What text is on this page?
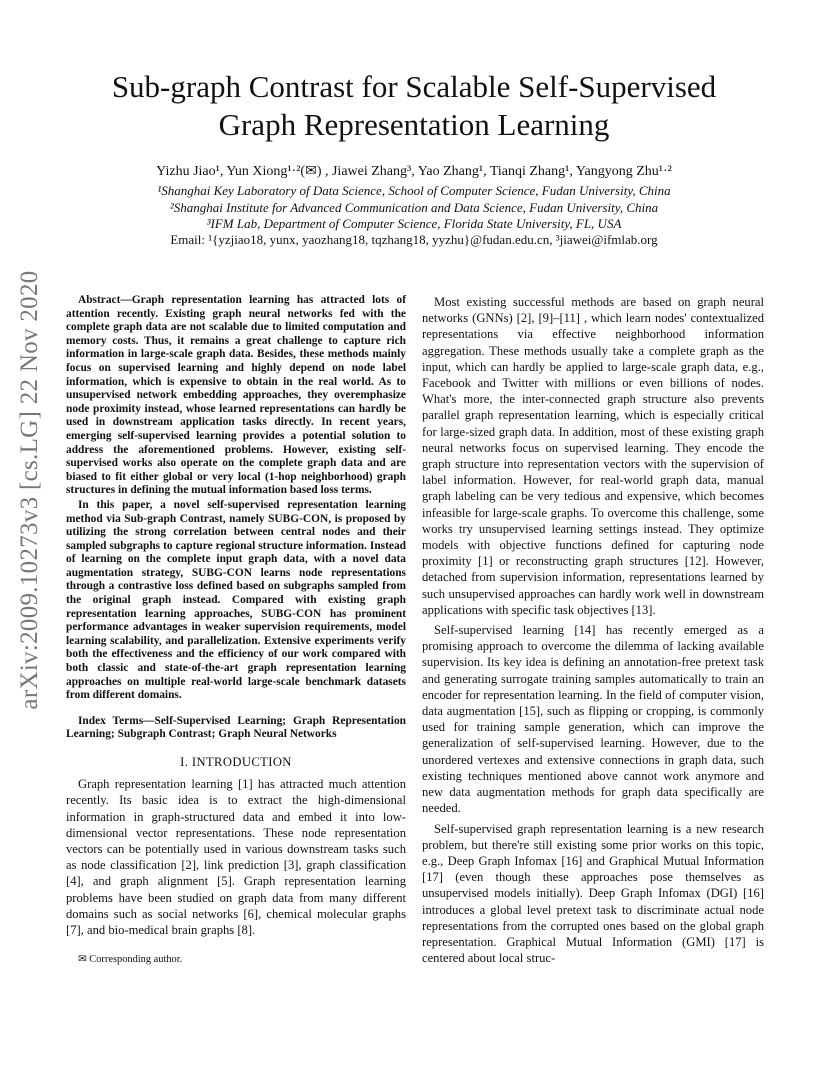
arXiv:2009.10273v3 [cs.LG] 22 Nov 2020
Sub-graph Contrast for Scalable Self-Supervised
Graph Representation Learning
Yizhu Jiao¹, Yun Xiong¹·²(✉) , Jiawei Zhang³, Yao Zhang¹, Tianqi Zhang¹, Yangyong Zhu¹·²
¹Shanghai Key Laboratory of Data Science, School of Computer Science, Fudan University, China
²Shanghai Institute for Advanced Communication and Data Science, Fudan University, China
³IFM Lab, Department of Computer Science, Florida State University, FL, USA
Email: ¹{yzjiao18, yunx, yaozhang18, tqzhang18, yyzhu}@fudan.edu.cn, ³jiawei@ifmlab.org

Abstract—Graph representation learning has attracted lots of attention recently. Existing graph neural networks fed with the complete graph data are not scalable due to limited computation and memory costs. Thus, it remains a great challenge to capture rich information in large-scale graph data. Besides, these methods mainly focus on supervised learning and highly depend on node label information, which is expensive to obtain in the real world. As to unsupervised network embedding approaches, they overemphasize node proximity instead, whose learned representations can hardly be used in downstream application tasks directly. In recent years, emerging self-supervised learning provides a potential solution to address the aforementioned problems. However, existing self-supervised works also operate on the complete graph data and are biased to fit either global or very local (1-hop neighborhood) graph structures in defining the mutual information based loss terms.

In this paper, a novel self-supervised representation learning method via Sub-graph Contrast, namely SUBG-CON, is proposed by utilizing the strong correlation between central nodes and their sampled subgraphs to capture regional structure information. Instead of learning on the complete input graph data, with a novel data augmentation strategy, SUBG-CON learns node representations through a contrastive loss defined based on subgraphs sampled from the original graph instead. Compared with existing graph representation learning approaches, SUBG-CON has prominent performance advantages in weaker supervision requirements, model learning scalability, and parallelization. Extensive experiments verify both the effectiveness and the efficiency of our work compared with both classic and state-of-the-art graph representation learning approaches on multiple real-world large-scale benchmark datasets from different domains.

Index Terms—Self-Supervised Learning; Graph Representation Learning; Subgraph Contrast; Graph Neural Networks

I. INTRODUCTION

Graph representation learning [1] has attracted much attention recently. Its basic idea is to extract the high-dimensional information in graph-structured data and embed it into low-dimensional vector representations. These node representation vectors can be potentially used in various downstream tasks such as node classification [2], link prediction [3], graph classification [4], and graph alignment [5]. Graph representation learning problems have been studied on graph data from many different domains such as social networks [6], chemical molecular graphs [7], and bio-medical brain graphs [8].

✉ Corresponding author.

Most existing successful methods are based on graph neural networks (GNNs) [2], [9]–[11] , which learn nodes' contextualized representations via effective neighborhood information aggregation. These methods usually take a complete graph as the input, which can hardly be applied to large-scale graph data, e.g., Facebook and Twitter with millions or even billions of nodes. What's more, the inter-connected graph structure also prevents parallel graph representation learning, which is especially critical for large-sized graph data. In addition, most of these existing graph neural networks focus on supervised learning. They encode the graph structure into representation vectors with the supervision of label information. However, for real-world graph data, manual graph labeling can be very tedious and expensive, which becomes infeasible for large-scale graphs. To overcome this challenge, some works try unsupervised learning settings instead. They optimize models with objective functions defined for capturing node proximity [1] or reconstructing graph structures [12]. However, detached from supervision information, representations learned by such unsupervised approaches can hardly work well in downstream applications with specific task objectives [13].

Self-supervised learning [14] has recently emerged as a promising approach to overcome the dilemma of lacking available supervision. Its key idea is defining an annotation-free pretext task and generating surrogate training samples automatically to train an encoder for representation learning. In the field of computer vision, data augmentation [15], such as flipping or cropping, is commonly used for training sample generation, which can improve the generalization of self-supervised learning. However, due to the unordered vertexes and extensive connections in graph data, such existing techniques mentioned above cannot work anymore and new data augmentation methods for graph data specifically are needed.

Self-supervised graph representation learning is a new research problem, but there're still existing some prior works on this topic, e.g., Deep Graph Infomax [16] and Graphical Mutual Information [17] (even though these approaches pose themselves as unsupervised models initially). Deep Graph Infomax (DGI) [16] introduces a global level pretext task to discriminate actual node representations from the corrupted ones based on the global graph representation. Graphical Mutual Information (GMI) [17] is centered about local struc-
